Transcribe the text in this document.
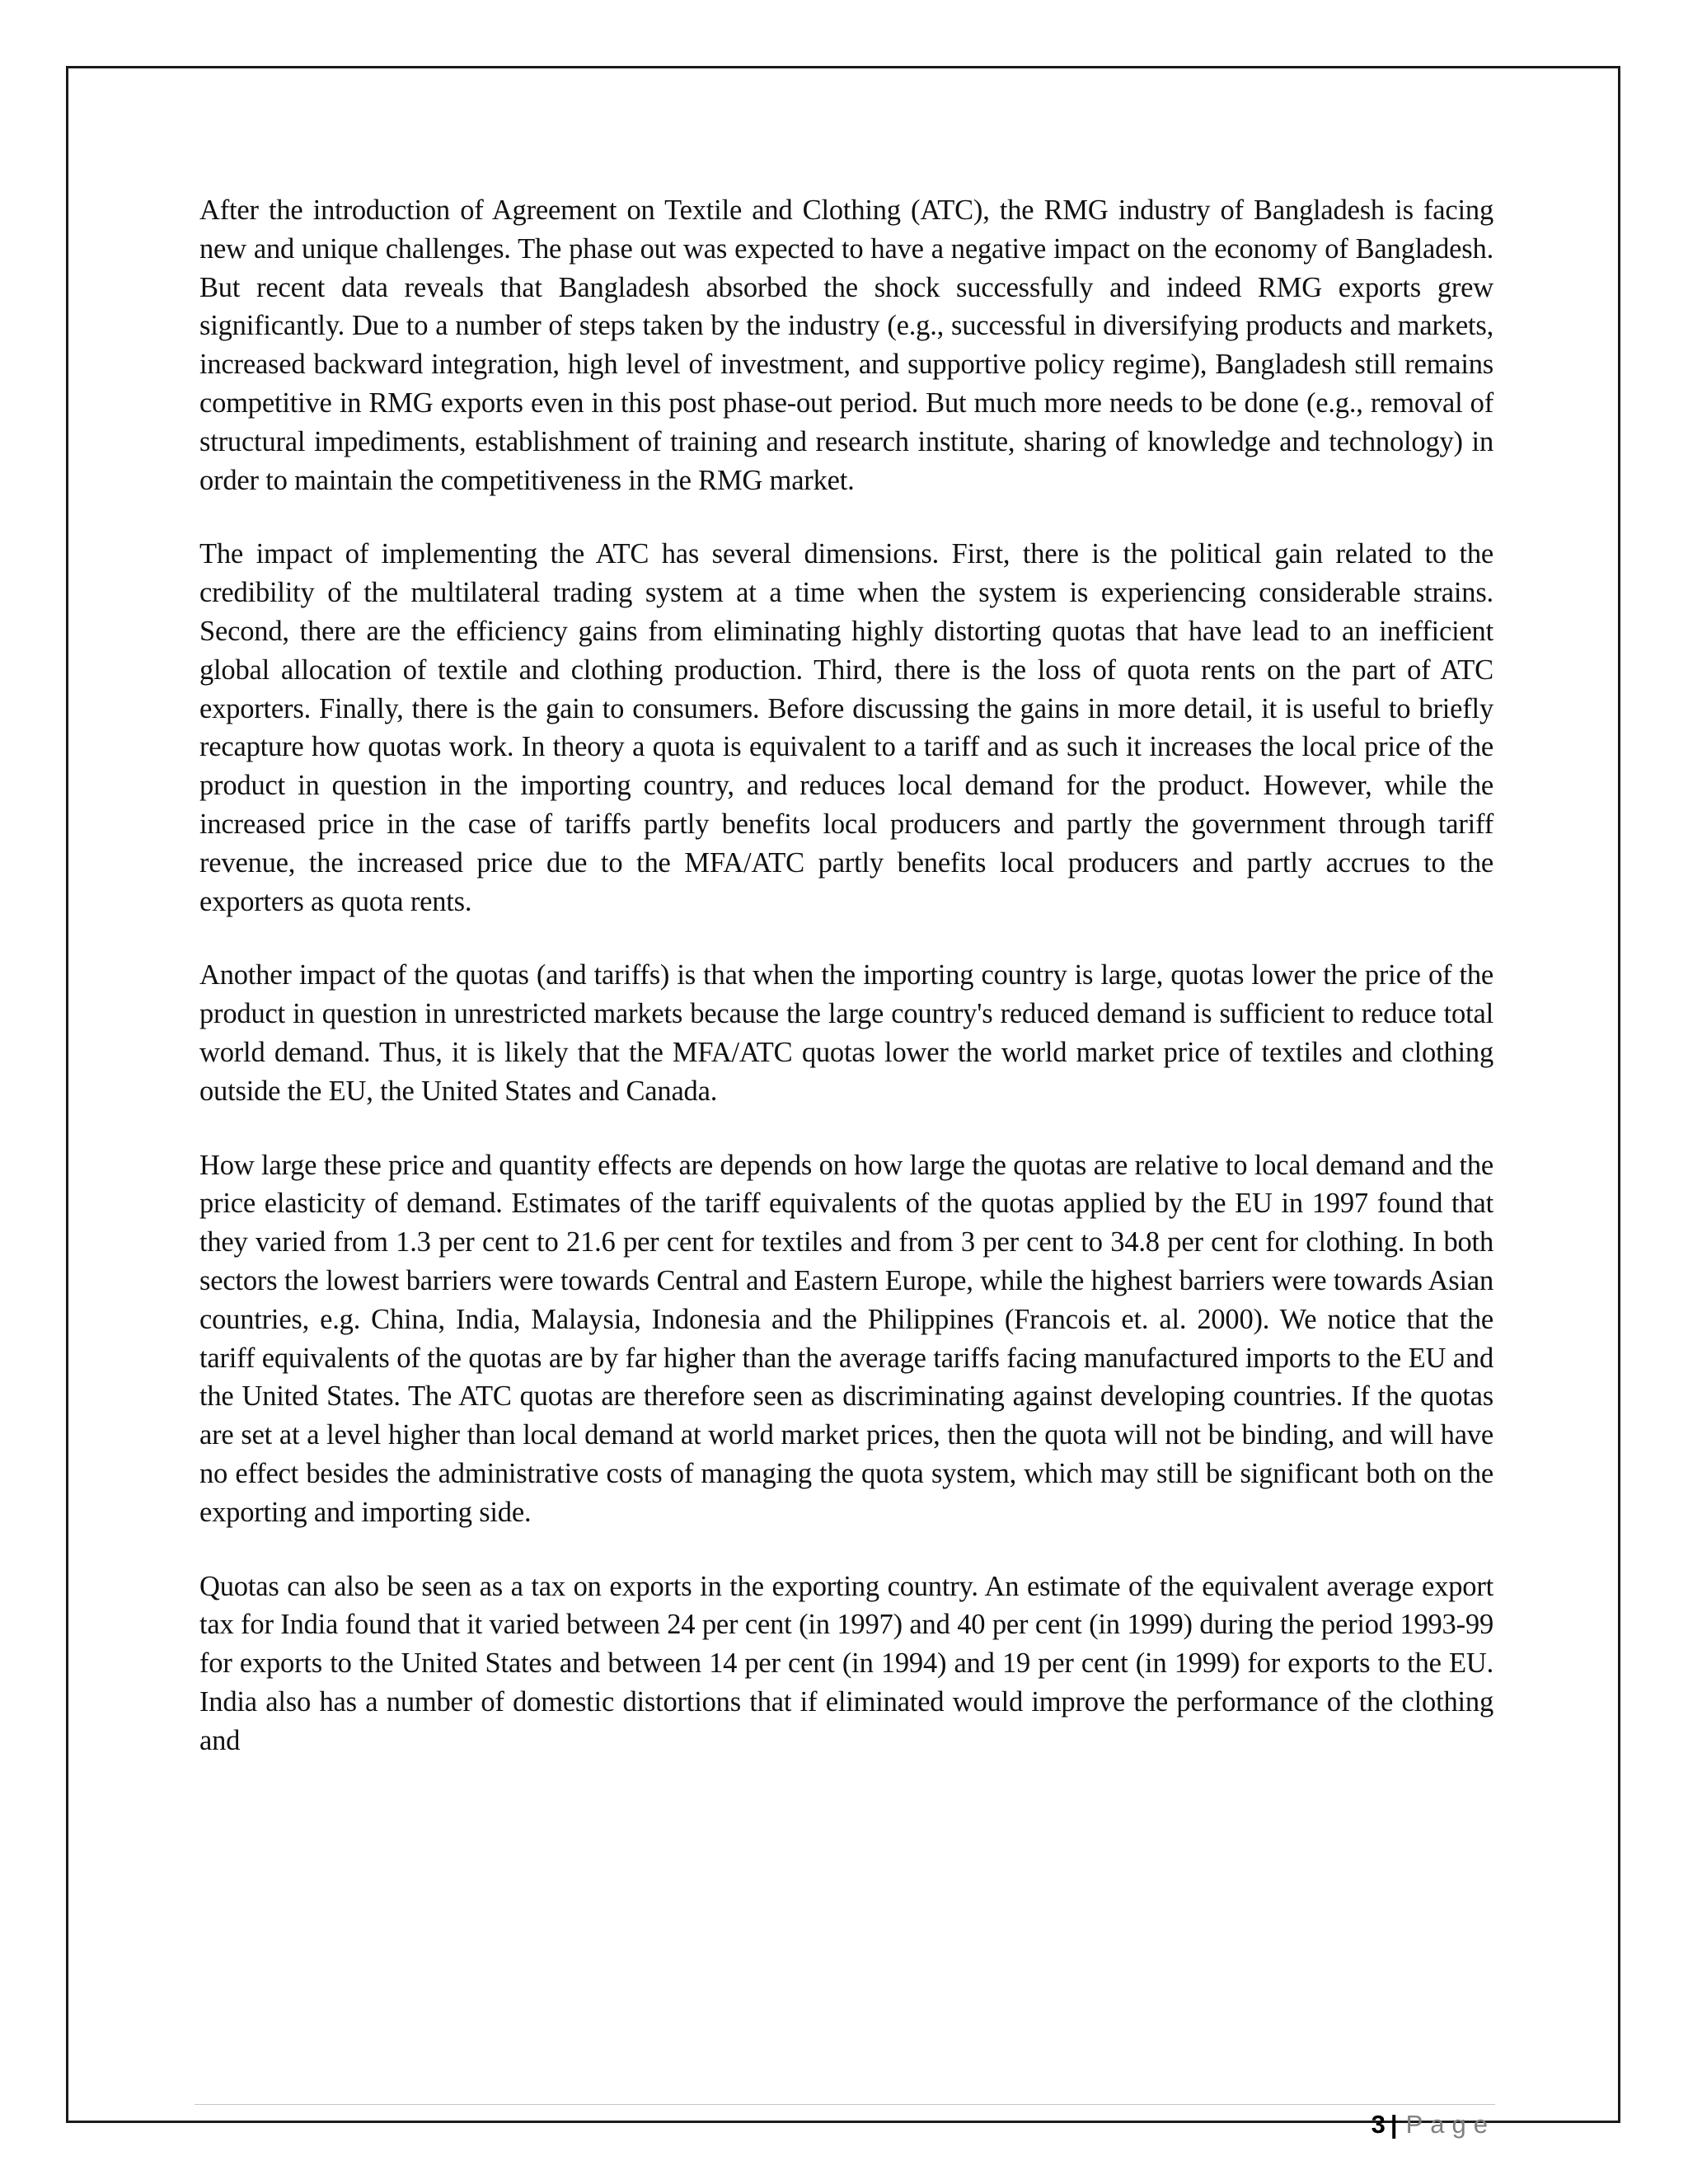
After the introduction of Agreement on Textile and Clothing (ATC), the RMG industry of Bangladesh is facing new and unique challenges. The phase out was expected to have a negative impact on the economy of Bangladesh. But recent data reveals that Bangladesh absorbed the shock successfully and indeed RMG exports grew significantly. Due to a number of steps taken by the industry (e.g., successful in diversifying products and markets, increased backward integration, high level of investment, and supportive policy regime), Bangladesh still remains competitive in RMG exports even in this post phase-out period. But much more needs to be done (e.g., removal of structural impediments, establishment of training and research institute, sharing of knowledge and technology) in order to maintain the competitiveness in the RMG market.

The impact of implementing the ATC has several dimensions. First, there is the political gain related to the credibility of the multilateral trading system at a time when the system is experiencing considerable strains. Second, there are the efficiency gains from eliminating highly distorting quotas that have lead to an inefficient global allocation of textile and clothing production. Third, there is the loss of quota rents on the part of ATC exporters. Finally, there is the gain to consumers. Before discussing the gains in more detail, it is useful to briefly recapture how quotas work. In theory a quota is equivalent to a tariff and as such it increases the local price of the product in question in the importing country, and reduces local demand for the product. However, while the increased price in the case of tariffs partly benefits local producers and partly the government through tariff revenue, the increased price due to the MFA/ATC partly benefits local producers and partly accrues to the exporters as quota rents.

Another impact of the quotas (and tariffs) is that when the importing country is large, quotas lower the price of the product in question in unrestricted markets because the large country's reduced demand is sufficient to reduce total world demand. Thus, it is likely that the MFA/ATC quotas lower the world market price of textiles and clothing outside the EU, the United States and Canada.

How large these price and quantity effects are depends on how large the quotas are relative to local demand and the price elasticity of demand. Estimates of the tariff equivalents of the quotas applied by the EU in 1997 found that they varied from 1.3 per cent to 21.6 per cent for textiles and from 3 per cent to 34.8 per cent for clothing. In both sectors the lowest barriers were towards Central and Eastern Europe, while the highest barriers were towards Asian countries, e.g. China, India, Malaysia, Indonesia and the Philippines (Francois et. al. 2000). We notice that the tariff equivalents of the quotas are by far higher than the average tariffs facing manufactured imports to the EU and the United States. The ATC quotas are therefore seen as discriminating against developing countries. If the quotas are set at a level higher than local demand at world market prices, then the quota will not be binding, and will have no effect besides the administrative costs of managing the quota system, which may still be significant both on the exporting and importing side.

Quotas can also be seen as a tax on exports in the exporting country. An estimate of the equivalent average export tax for India found that it varied between 24 per cent (in 1997) and 40 per cent (in 1999) during the period 1993-99 for exports to the United States and between 14 per cent (in 1994) and 19 per cent (in 1999) for exports to the EU. India also has a number of domestic distortions that if eliminated would improve the performance of the clothing and

3 | Page
